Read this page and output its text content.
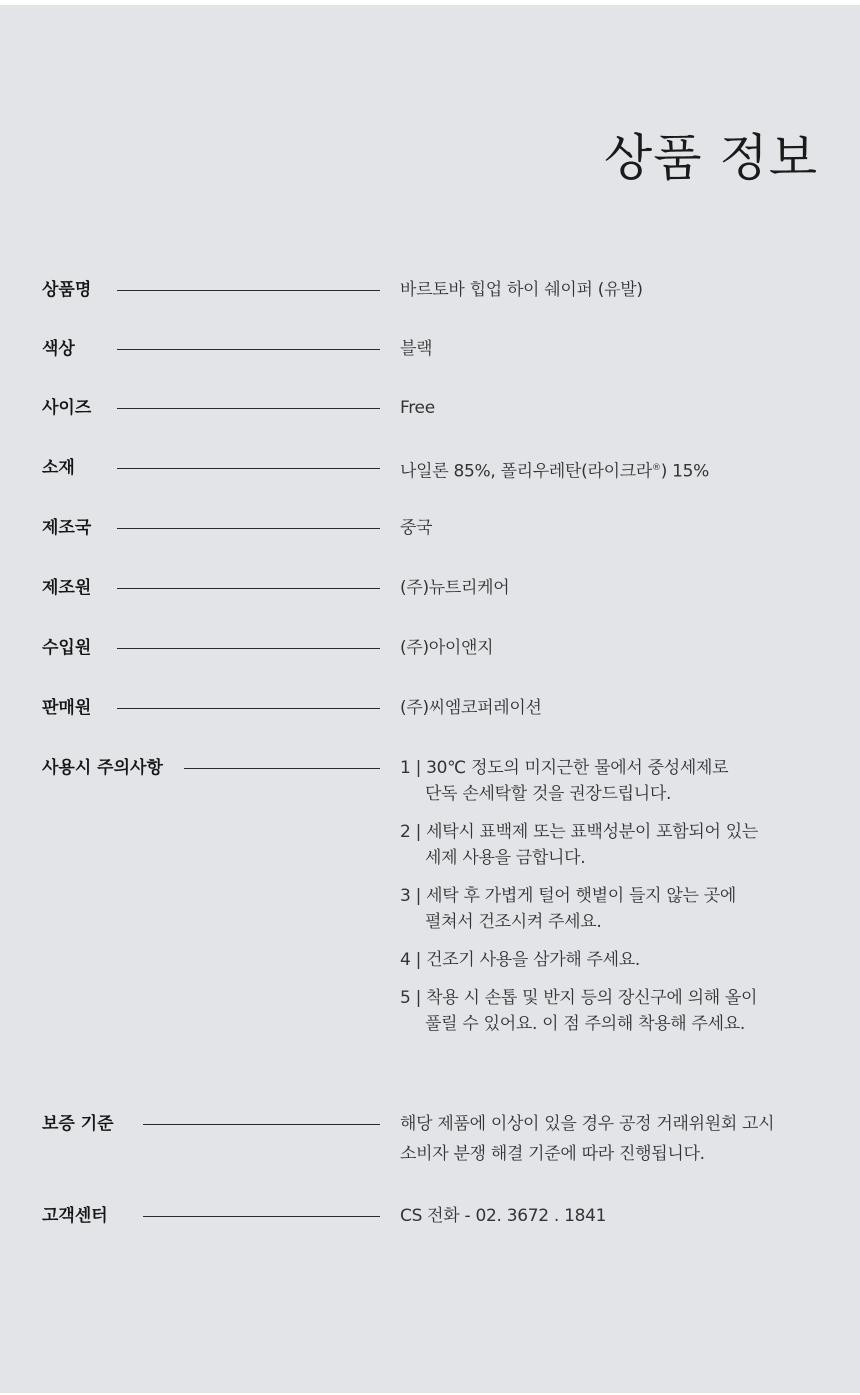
상품 정보
상품명	바르토바 힙업 하이 쉐이퍼 (유발)
색상	블랙
사이즈	Free
소재	나일론 85%, 폴리우레탄(라이크라®) 15%
제조국	중국
제조원	(주)뉴트리케어
수입원	(주)아이앤지
판매원	(주)씨엠코퍼레이션
사용시 주의사항	1 | 30℃ 정도의 미지근한 물에서 중성세제로
단독 손세탁할 것을 권장드립니다.
2 | 세탁시 표백제 또는 표백성분이 포함되어 있는
세제 사용을 금합니다.
3 | 세탁 후 가볍게 털어 햇볕이 들지 않는 곳에
펼쳐서 건조시켜 주세요.
4 | 건조기 사용을 삼가해 주세요.
5 | 착용 시 손톱 및 반지 등의 장신구에 의해 올이
풀릴 수 있어요. 이 점 주의해 착용해 주세요.
보증 기준	해당 제품에 이상이 있을 경우 공정 거래위원회 고시
소비자 분쟁 해결 기준에 따라 진행됩니다.
고객센터	CS 전화 - 02. 3672 . 1841
